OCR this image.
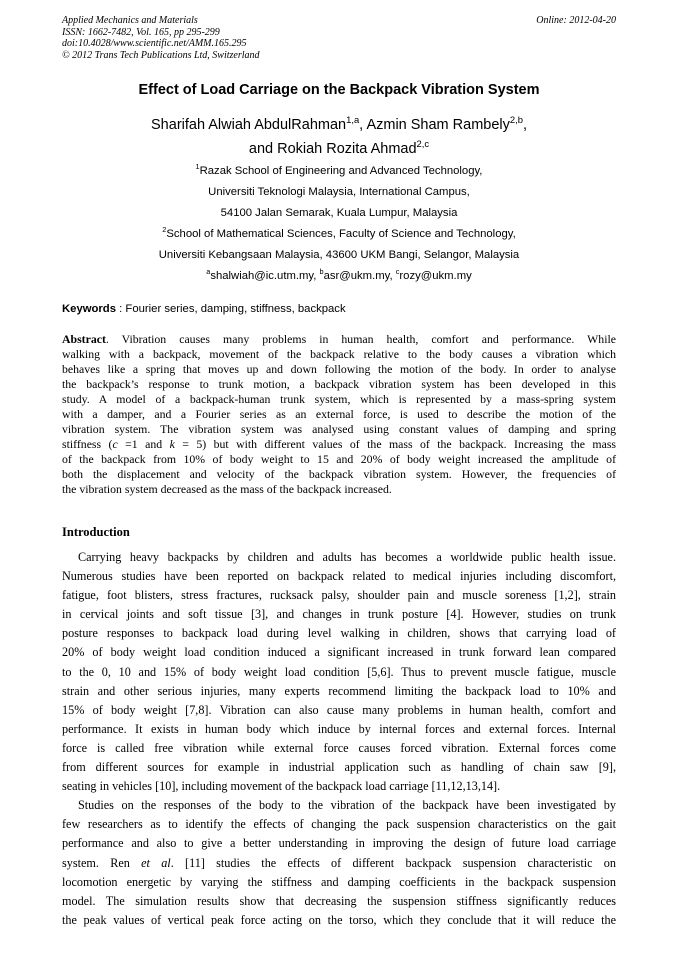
Applied Mechanics and Materials
ISSN: 1662-7482, Vol. 165, pp 295-299
doi:10.4028/www.scientific.net/AMM.165.295
© 2012 Trans Tech Publications Ltd, Switzerland
Online: 2012-04-20
Effect of Load Carriage on the Backpack Vibration System
Sharifah Alwiah AbdulRahman$^{1,a}$, Azmin Sham Rambely$^{2,b}$,
and Rokiah Rozita Ahmad$^{2,c}$
$^1$Razak School of Engineering and Advanced Technology,
Universiti Teknologi Malaysia, International Campus,
54100 Jalan Semarak, Kuala Lumpur, Malaysia
$^2$School of Mathematical Sciences, Faculty of Science and Technology,
Universiti Kebangsaan Malaysia, 43600 UKM Bangi, Selangor, Malaysia
$^a$shalwiah@ic.utm.my, $^b$asr@ukm.my, $^c$rozy@ukm.my
Keywords : Fourier series, damping, stiffness, backpack
Abstract. Vibration causes many problems in human health, comfort and performance. While
walking with a backpack, movement of the backpack relative to the body causes a vibration which
behaves like a spring that moves up and down following the motion of the body. In order to analyse
the backpack’s response to trunk motion, a backpack vibration system has been developed in this
study. A model of a backpack-human trunk system, which is represented by a mass-spring system
with a damper, and a Fourier series as an external force, is used to describe the motion of the
vibration system. The vibration system was analysed using constant values of damping and spring
stiffness (c =1 and k = 5) but with different values of the mass of the backpack. Increasing the mass
of the backpack from 10% of body weight to 15 and 20% of body weight increased the amplitude of
both the displacement and velocity of the backpack vibration system. However, the frequencies of
the vibration system decreased as the mass of the backpack increased.
Introduction
Carrying heavy backpacks by children and adults has becomes a worldwide public health issue.
Numerous studies have been reported on backpack related to medical injuries including discomfort,
fatigue, foot blisters, stress fractures, rucksack palsy, shoulder pain and muscle soreness [1,2], strain
in cervical joints and soft tissue [3], and changes in trunk posture [4]. However, studies on trunk
posture responses to backpack load during level walking in children, shows that carrying load of
20% of body weight load condition induced a significant increased in trunk forward lean compared
to the 0, 10 and 15% of body weight load condition [5,6]. Thus to prevent muscle fatigue, muscle
strain and other serious injuries, many experts recommend limiting the backpack load to 10% and
15% of body weight [7,8]. Vibration can also cause many problems in human health, comfort and
performance. It exists in human body which induce by internal forces and external forces. Internal
force is called free vibration while external force causes forced vibration. External forces come
from different sources for example in industrial application such as handling of chain saw [9],
seating in vehicles [10], including movement of the backpack load carriage [11,12,13,14].
Studies on the responses of the body to the vibration of the backpack have been investigated by
few researchers as to identify the effects of changing the pack suspension characteristics on the gait
performance and also to give a better understanding in improving the design of future load carriage
system. Ren et al. [11] studies the effects of different backpack suspension characteristic on
locomotion energetic by varying the stiffness and damping coefficients in the backpack suspension
model. The simulation results show that decreasing the suspension stiffness significantly reduces
the peak values of vertical peak force acting on the torso, which they conclude that it will reduce the
